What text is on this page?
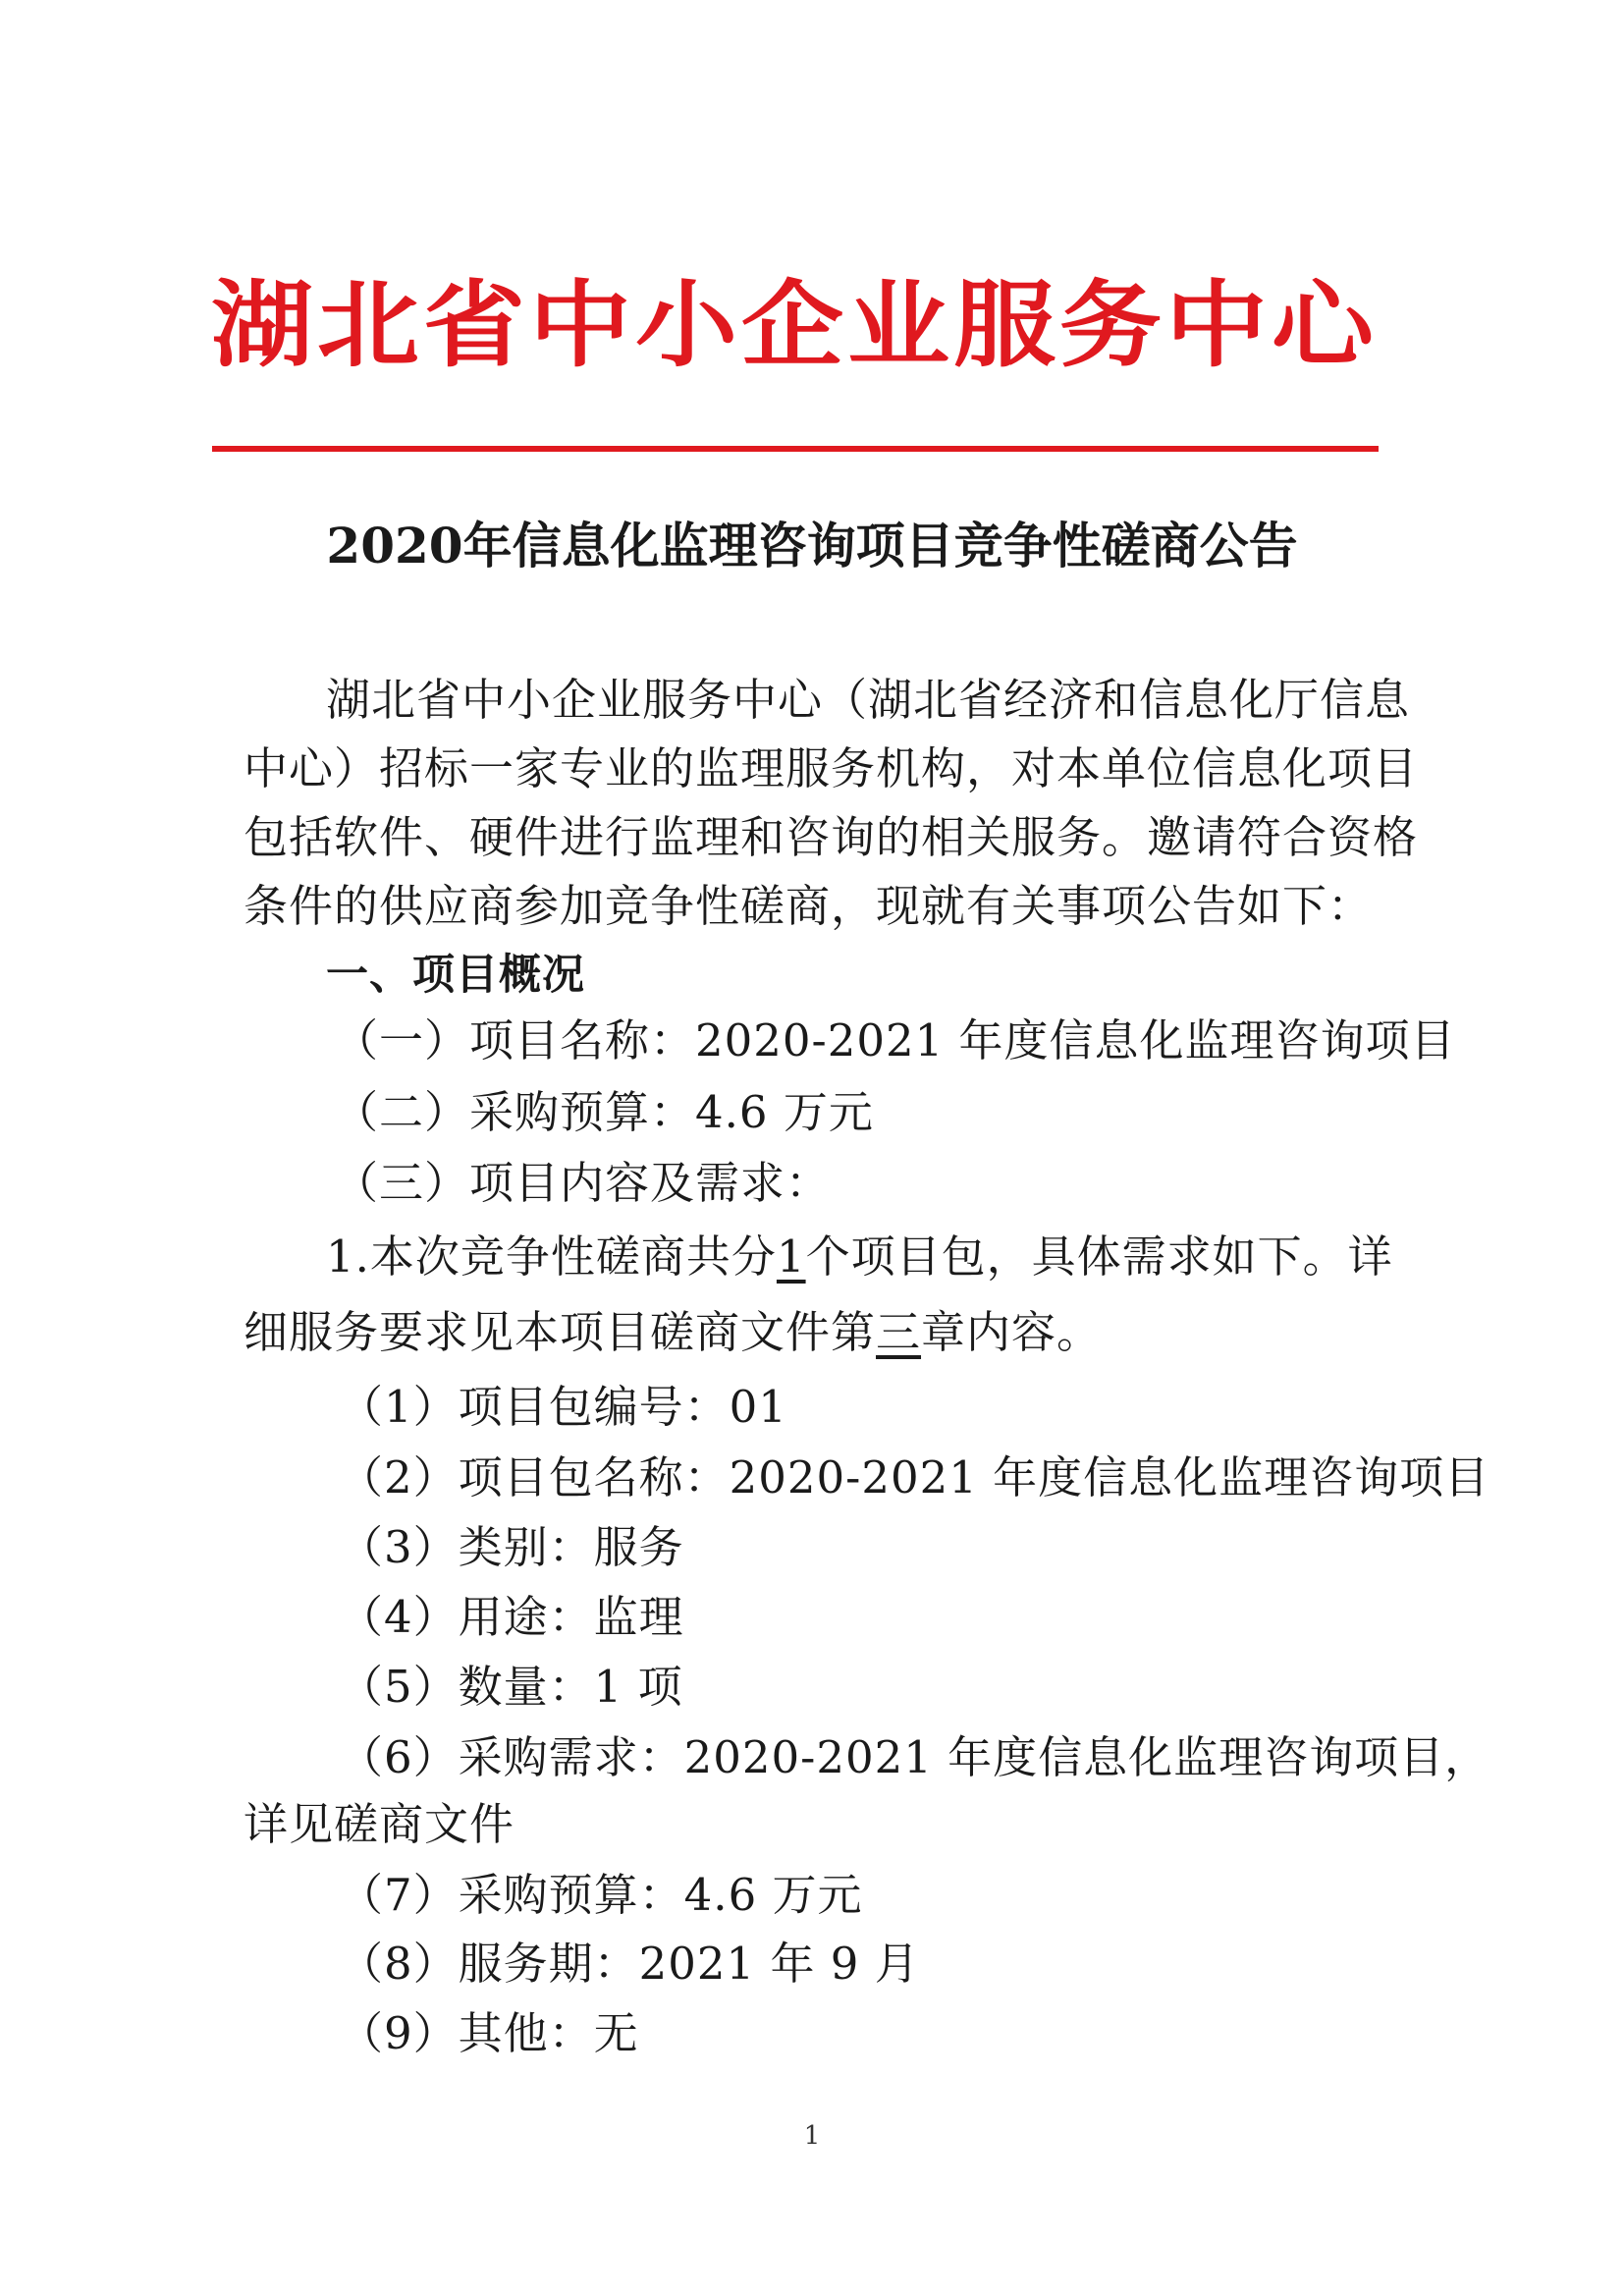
湖北省中小企业服务中心
2020年信息化监理咨询项目竞争性磋商公告
湖北省中小企业服务中心（湖北省经济和信息化厅信息
中心）招标一家专业的监理服务机构，对本单位信息化项目
包括软件、硬件进行监理和咨询的相关服务。邀请符合资格
条件的供应商参加竞争性磋商，现就有关事项公告如下：
一、项目概况
（一）项目名称：2020-2021 年度信息化监理咨询项目
（二）采购预算：4.6 万元
（三）项目内容及需求：
1.本次竞争性磋商共分1个项目包，具体需求如下。详
细服务要求见本项目磋商文件第三章内容。
（1）项目包编号：01
（2）项目包名称：2020-2021 年度信息化监理咨询项目
（3）类别：服务
（4）用途：监理
（5）数量：1 项
（6）采购需求：2020-2021 年度信息化监理咨询项目，
详见磋商文件
（7）采购预算：4.6 万元
（8）服务期：2021 年 9 月
（9）其他：无
1
